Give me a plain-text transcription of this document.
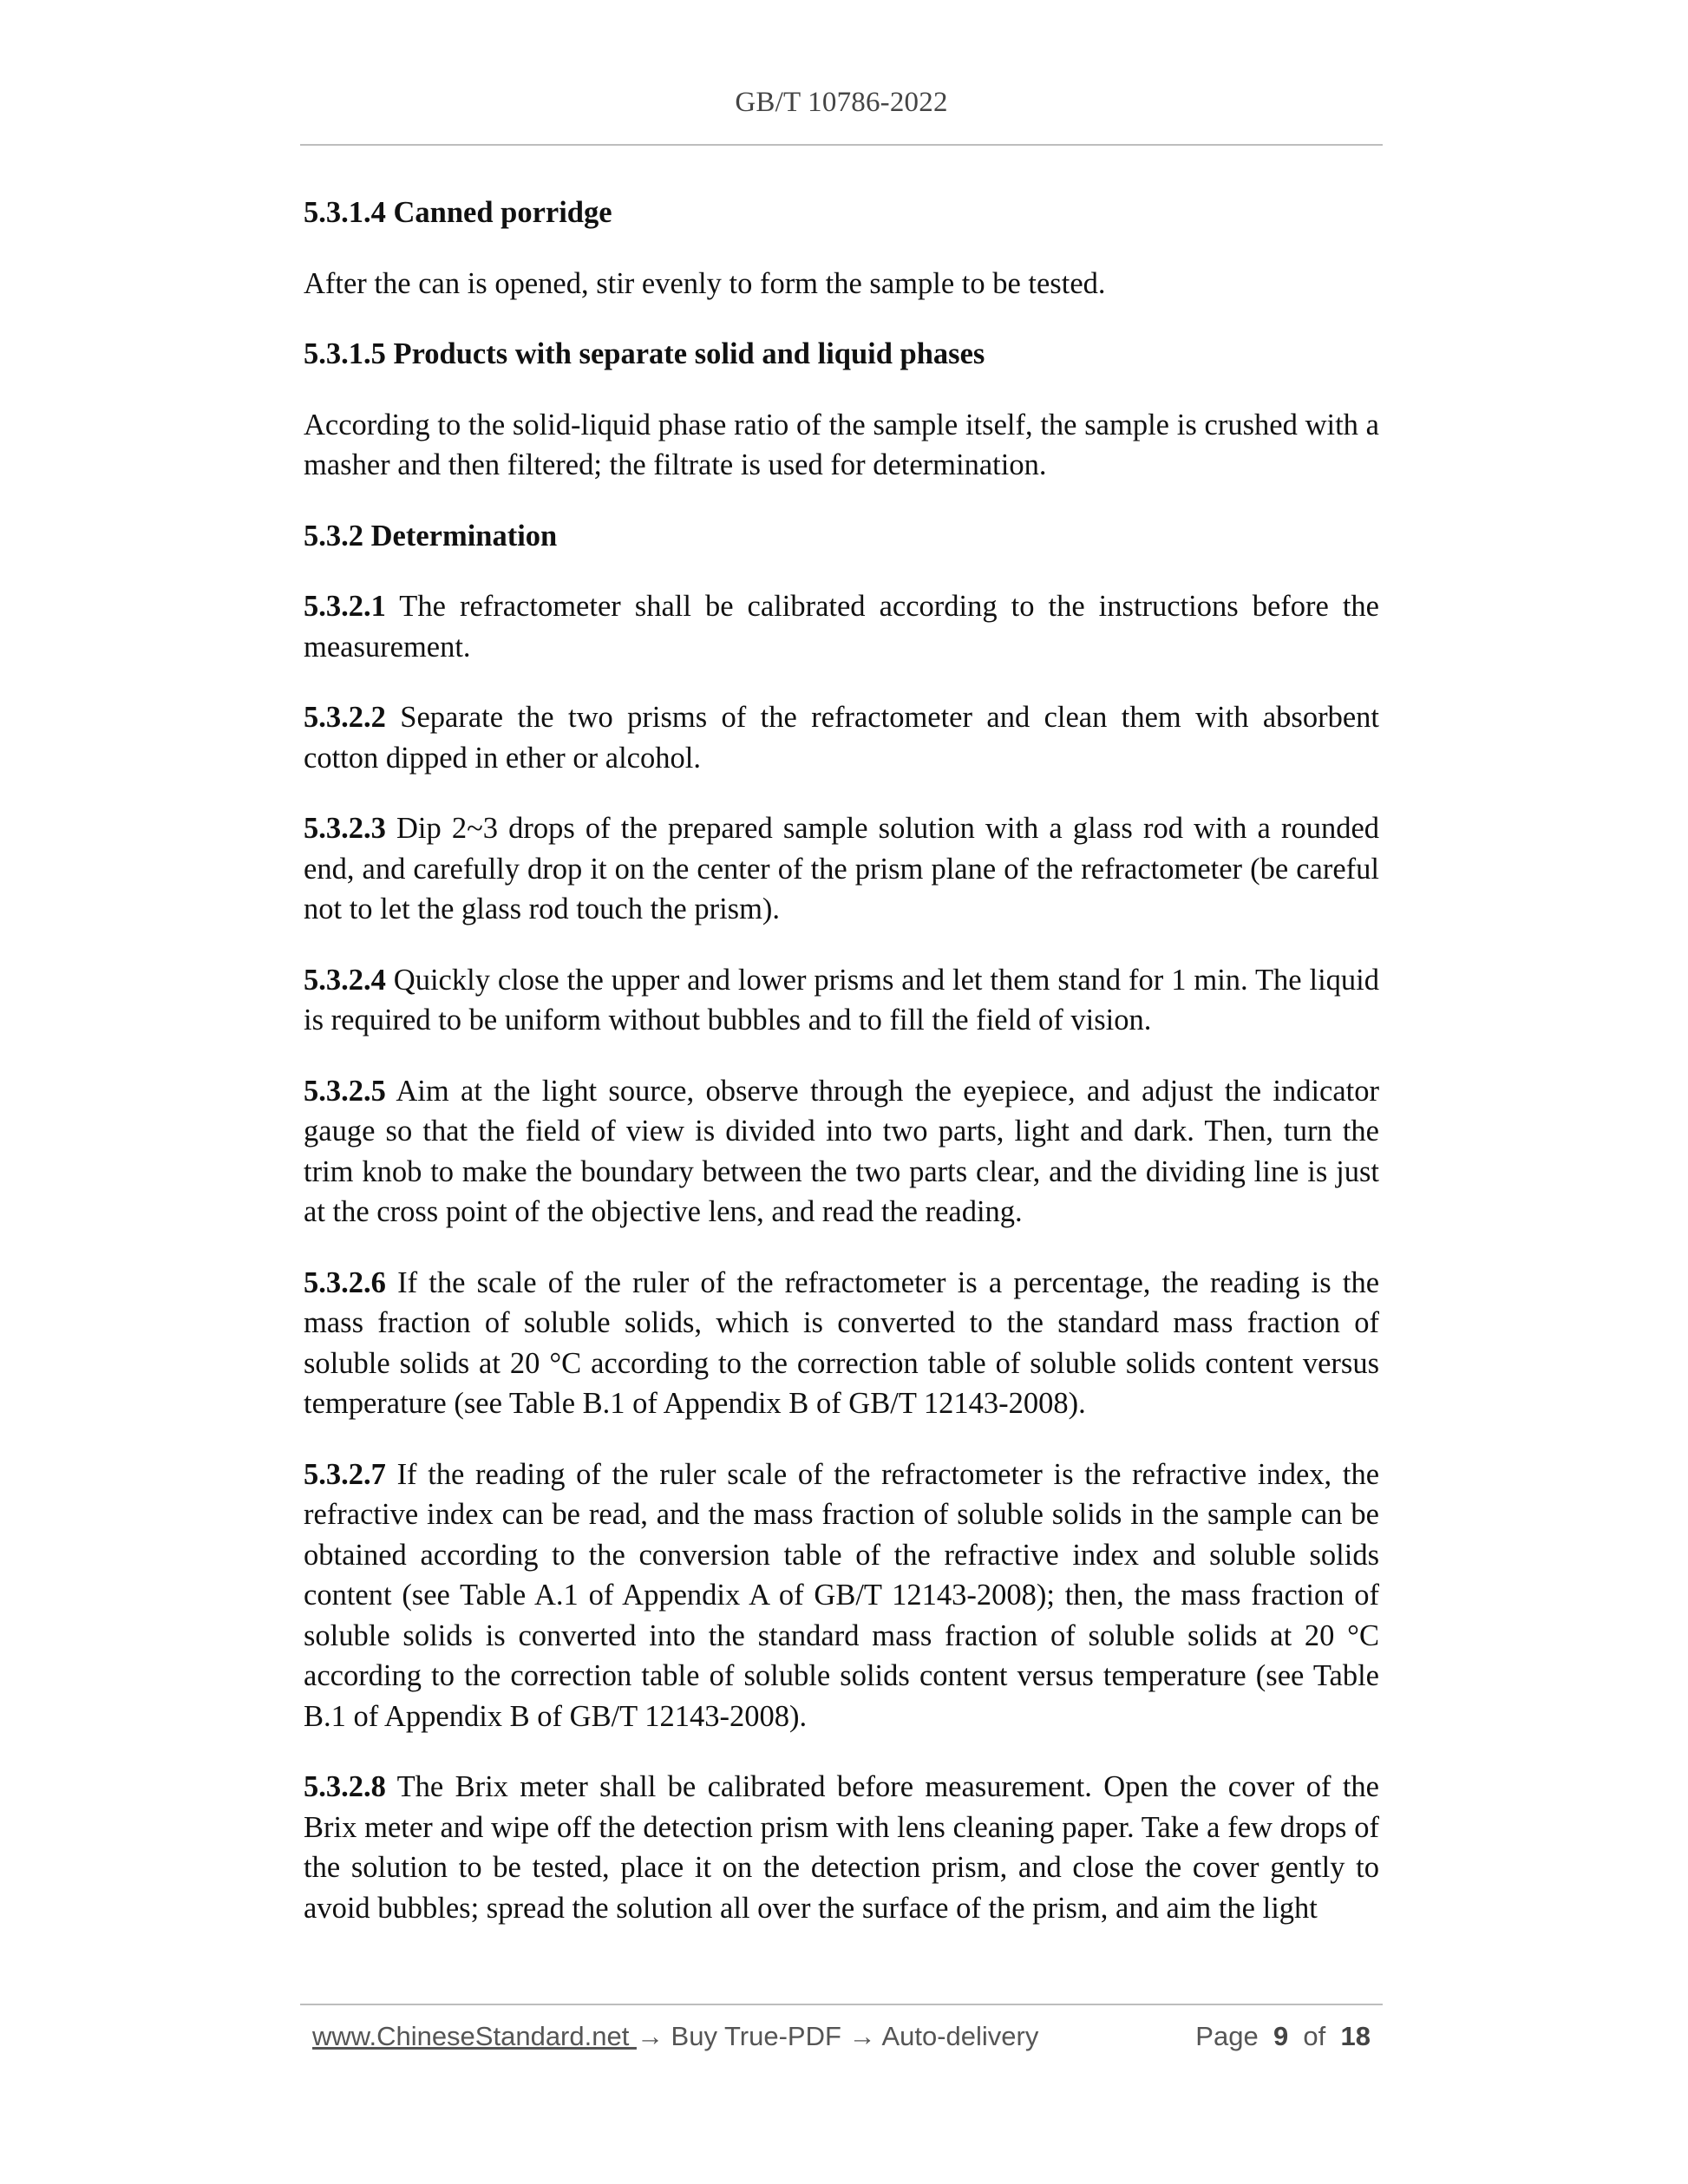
GB/T 10786-2022
5.3.1.4 Canned porridge

After the can is opened, stir evenly to form the sample to be tested.

5.3.1.5 Products with separate solid and liquid phases

According to the solid-liquid phase ratio of the sample itself, the sample is crushed with a masher and then filtered; the filtrate is used for determination.

5.3.2 Determination

5.3.2.1 The refractometer shall be calibrated according to the instructions before the measurement.

5.3.2.2 Separate the two prisms of the refractometer and clean them with absorbent cotton dipped in ether or alcohol.

5.3.2.3 Dip 2~3 drops of the prepared sample solution with a glass rod with a rounded end, and carefully drop it on the center of the prism plane of the refractometer (be careful not to let the glass rod touch the prism).

5.3.2.4 Quickly close the upper and lower prisms and let them stand for 1 min. The liquid is required to be uniform without bubbles and to fill the field of vision.

5.3.2.5 Aim at the light source, observe through the eyepiece, and adjust the indicator gauge so that the field of view is divided into two parts, light and dark. Then, turn the trim knob to make the boundary between the two parts clear, and the dividing line is just at the cross point of the objective lens, and read the reading.

5.3.2.6 If the scale of the ruler of the refractometer is a percentage, the reading is the mass fraction of soluble solids, which is converted to the standard mass fraction of soluble solids at 20 °C according to the correction table of soluble solids content versus temperature (see Table B.1 of Appendix B of GB/T 12143-2008).

5.3.2.7 If the reading of the ruler scale of the refractometer is the refractive index, the refractive index can be read, and the mass fraction of soluble solids in the sample can be obtained according to the conversion table of the refractive index and soluble solids content (see Table A.1 of Appendix A of GB/T 12143-2008); then, the mass fraction of soluble solids is converted into the standard mass fraction of soluble solids at 20 °C according to the correction table of soluble solids content versus temperature (see Table B.1 of Appendix B of GB/T 12143-2008).

5.3.2.8 The Brix meter shall be calibrated before measurement. Open the cover of the Brix meter and wipe off the detection prism with lens cleaning paper. Take a few drops of the solution to be tested, place it on the detection prism, and close the cover gently to avoid bubbles; spread the solution all over the surface of the prism, and aim the light

www.ChineseStandard.net → Buy True-PDF → Auto-delivery	Page 9 of 18
